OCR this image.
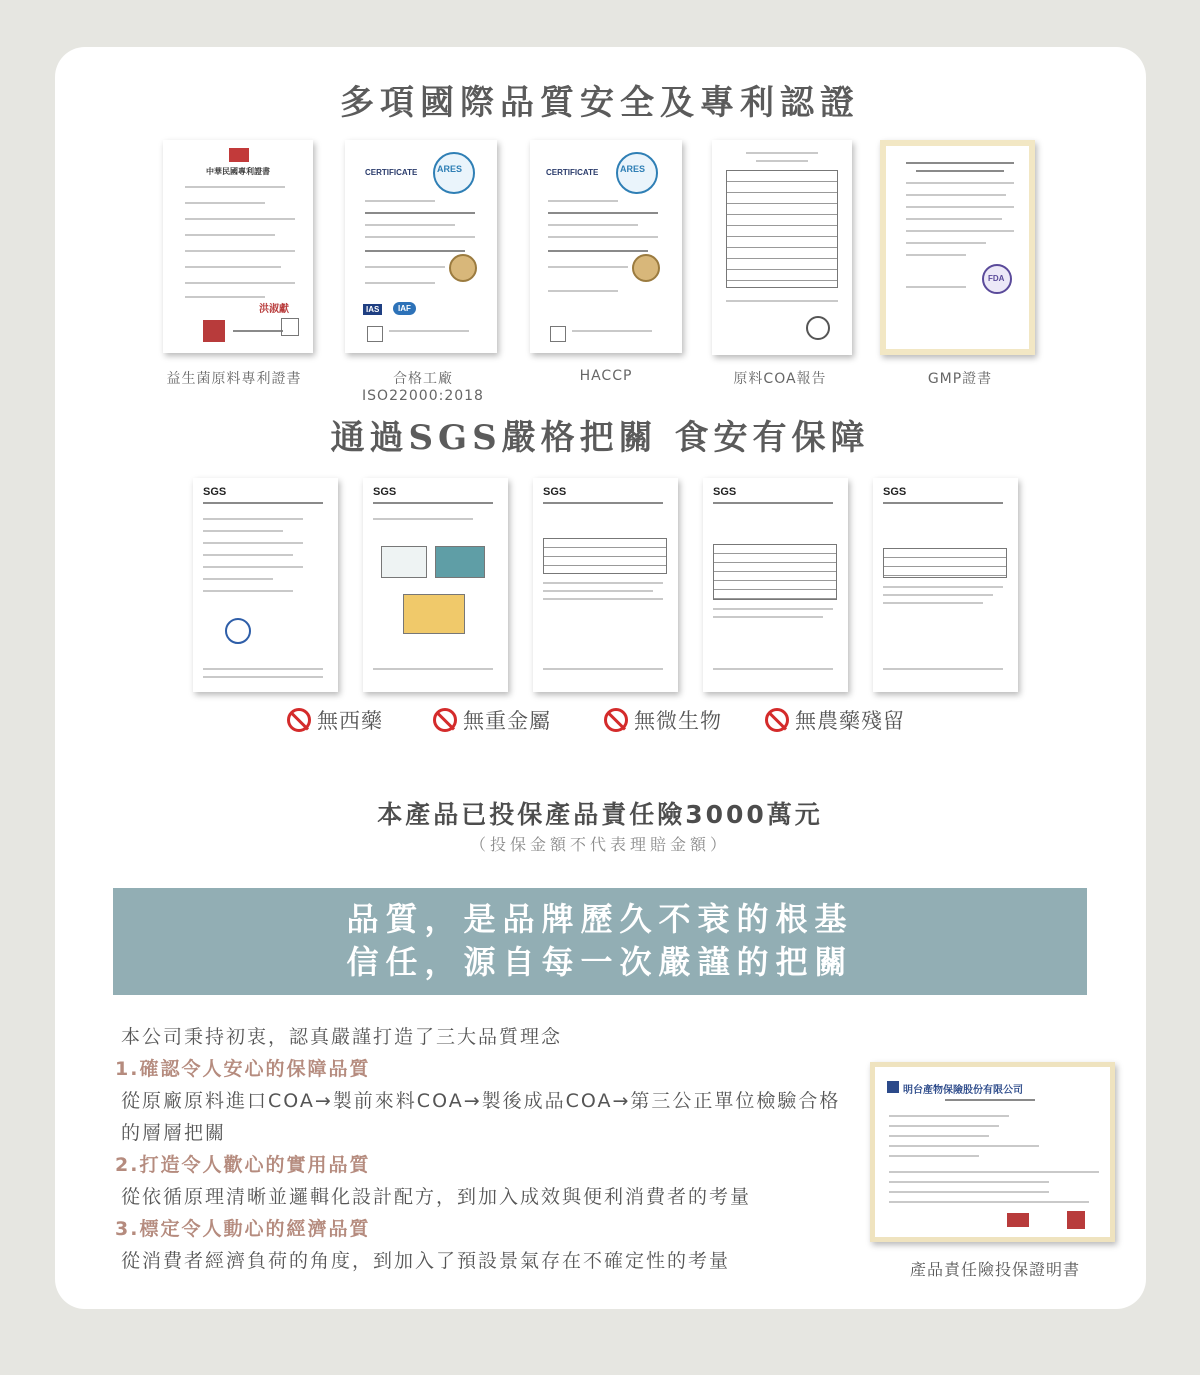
多項國際品質安全及專利認證
中華民國專利證書
洪淑獻
益生菌原料專利證書
CERTIFICATE ARES
IAS	IAF
合格工廠ISO22000:2018
CERTIFICATE ARES
HACCP	原料COA報告
FDA
GMP證書
通過SGS嚴格把關 食安有保障
SGS	SGS	SGS	SGS	SGS
無西藥	無重金屬	無微生物	無農藥殘留
本產品已投保產品責任險3000萬元
（投保金額不代表理賠金額）
品質，是品牌歷久不衰的根基
信任，源自每一次嚴謹的把關
本公司秉持初衷，認真嚴謹打造了三大品質理念
1.確認令人安心的保障品質
從原廠原料進口COA→製前來料COA→製後成品COA→第三公正單位檢驗合格的層層把關
2.打造令人歡心的實用品質
從依循原理清晰並邏輯化設計配方，到加入成效與便利消費者的考量
3.標定令人動心的經濟品質
從消費者經濟負荷的角度，到加入了預設景氣存在不確定性的考量
明台產物保險股份有限公司
產品責任險投保證明書
